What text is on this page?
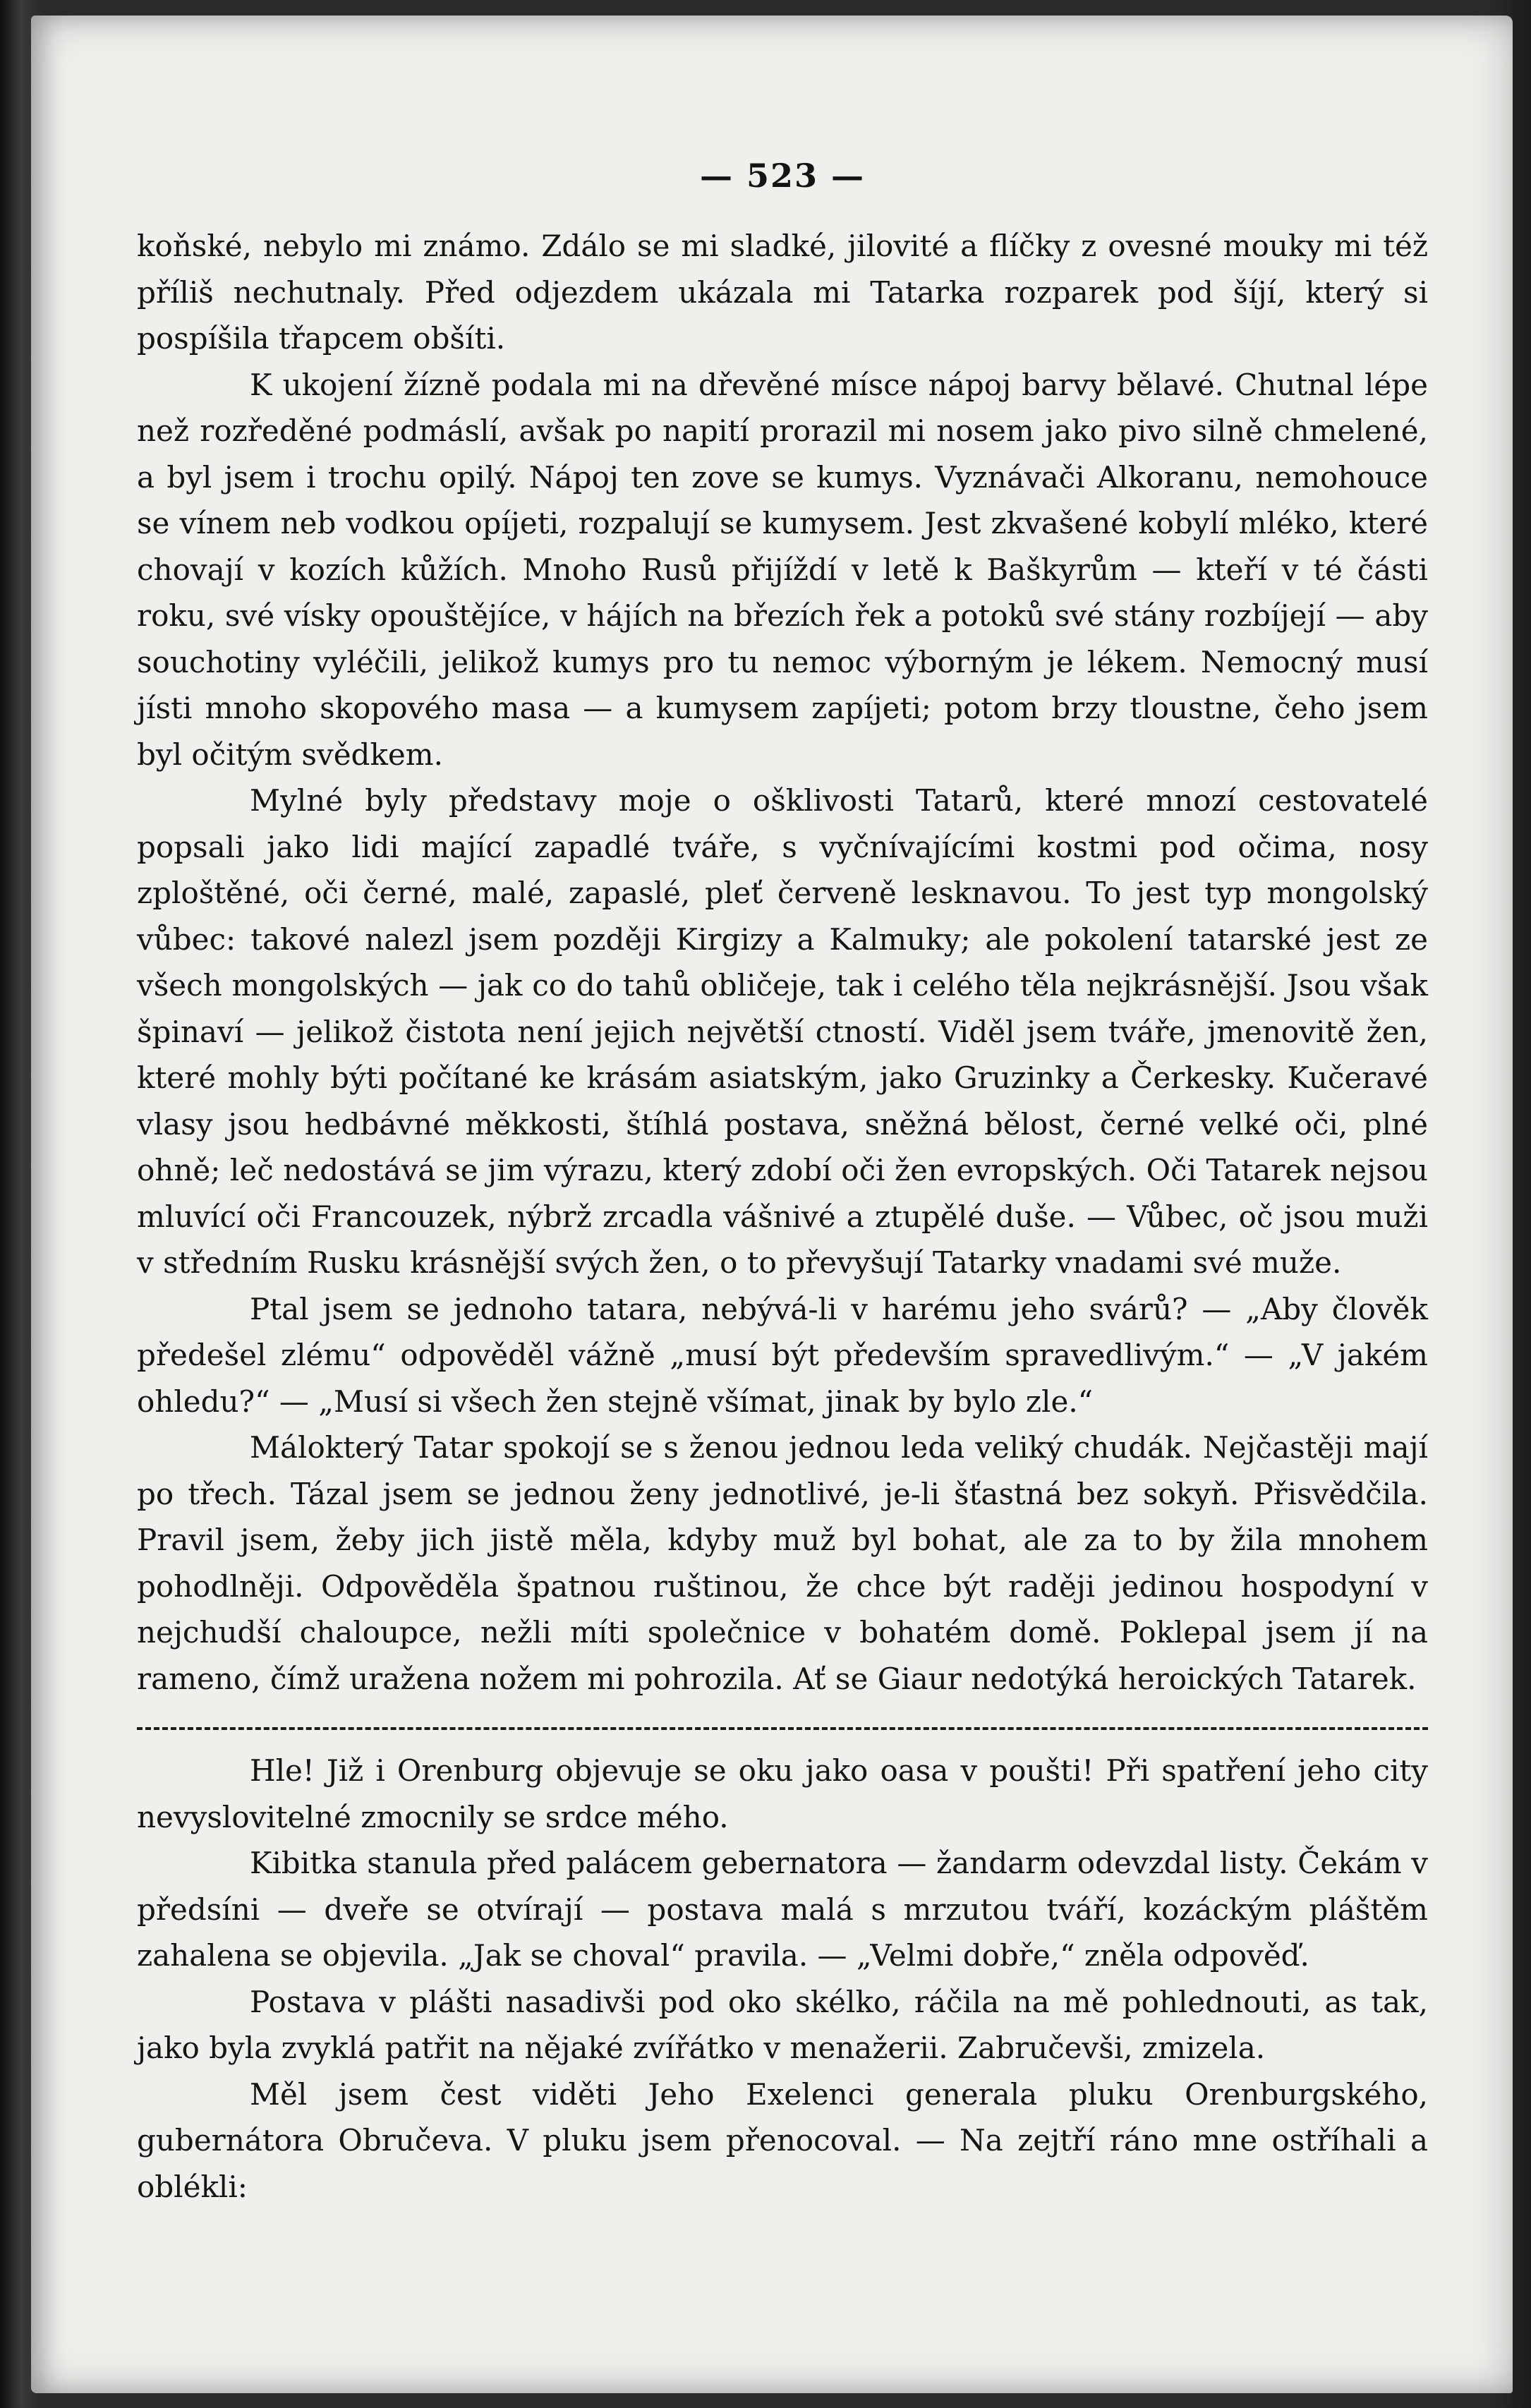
— 523 —

koňské, nebylo mi známo. Zdálo se mi sladké, jilovité a flíčky z ovesné mouky mi též příliš nechutnaly. Před odjezdem ukázala mi Tatarka rozparek pod šíjí, který si pospíšila třapcem obšíti.

K ukojení žízně podala mi na dřevěné mísce nápoj barvy bělavé. Chutnal lépe než rozředěné podmáslí, avšak po napití prorazil mi nosem jako pivo silně chmelené, a byl jsem i trochu opilý. Nápoj ten zove se kumys. Vyznávači Alkoranu, nemohouce se vínem neb vodkou opíjeti, rozpalují se kumysem. Jest zkvašené kobylí mléko, které chovají v kozích kůžích. Mnoho Rusů přijíždí v letě k Baškyrům — kteří v té části roku, své vísky opouštějíce, v hájích na březích řek a potoků své stány rozbíjejí — aby souchotiny vyléčili, jelikož kumys pro tu nemoc výborným je lékem. Nemocný musí jísti mnoho skopového masa — a kumysem zapíjeti; potom brzy tloustne, čeho jsem byl očitým svědkem.

Mylné byly představy moje o ošklivosti Tatarů, které mnozí cestovatelé popsali jako lidi mající zapadlé tváře, s vyčnívajícími kostmi pod očima, nosy zploštěné, oči černé, malé, zapaslé, pleť červeně lesknavou. To jest typ mongolský vůbec: takové nalezl jsem později Kirgizy a Kalmuky; ale pokolení tatarské jest ze všech mongolských — jak co do tahů obličeje, tak i celého těla nejkrásnější. Jsou však špinaví — jelikož čistota není jejich největší ctností. Viděl jsem tváře, jmenovitě žen, které mohly býti počítané ke krásám asiatským, jako Gruzinky a Čerkesky. Kučeravé vlasy jsou hedbávné měkkosti, štíhlá postava, sněžná bělost, černé velké oči, plné ohně; leč nedostává se jim výrazu, který zdobí oči žen evropských. Oči Tatarek nejsou mluvící oči Francouzek, nýbrž zrcadla vášnivé a ztupělé duše. — Vůbec, oč jsou muži v středním Rusku krásnější svých žen, o to převyšují Tatarky vnadami své muže.

Ptal jsem se jednoho tatara, nebývá-li v harému jeho svárů? — „Aby člověk předešel zlému“ odpověděl vážně „musí být především spravedlivým.“ — „V jakém ohledu?“ — „Musí si všech žen stejně všímat, jinak by bylo zle.“

Málokterý Tatar spokojí se s ženou jednou leda veliký chudák. Nejčastěji mají po třech. Tázal jsem se jednou ženy jednotlivé, je-li šťastná bez sokyň. Přisvědčila. Pravil jsem, žeby jich jistě měla, kdyby muž byl bohat, ale za to by žila mnohem pohodlněji. Odpověděla špatnou ruštinou, že chce být raději jedinou hospodyní v nejchudší chaloupce, nežli míti společnice v bohatém domě. Poklepal jsem jí na rameno, čímž uražena nožem mi pohrozila. Ať se Giaur nedotýká heroických Tatarek.

Hle! Již i Orenburg objevuje se oku jako oasa v poušti! Při spatření jeho city nevyslovitelné zmocnily se srdce mého.

Kibitka stanula před palácem gebernatora — žandarm odevzdal listy. Čekám v předsíni — dveře se otvírají — postava malá s mrzutou tváří, kozáckým pláštěm zahalena se objevila. „Jak se choval“ pravila. — „Velmi dobře,“ zněla odpověď.

Postava v plášti nasadivši pod oko skélko, ráčila na mě pohlednouti, as tak, jako byla zvyklá patřit na nějaké zvířátko v menažerii. Zabručevši, zmizela.

Měl jsem čest viděti Jeho Exelenci generala pluku Orenburgského, gubernátora Obručeva. V pluku jsem přenocoval. — Na zejtří ráno mne ostříhali a oblékli:
